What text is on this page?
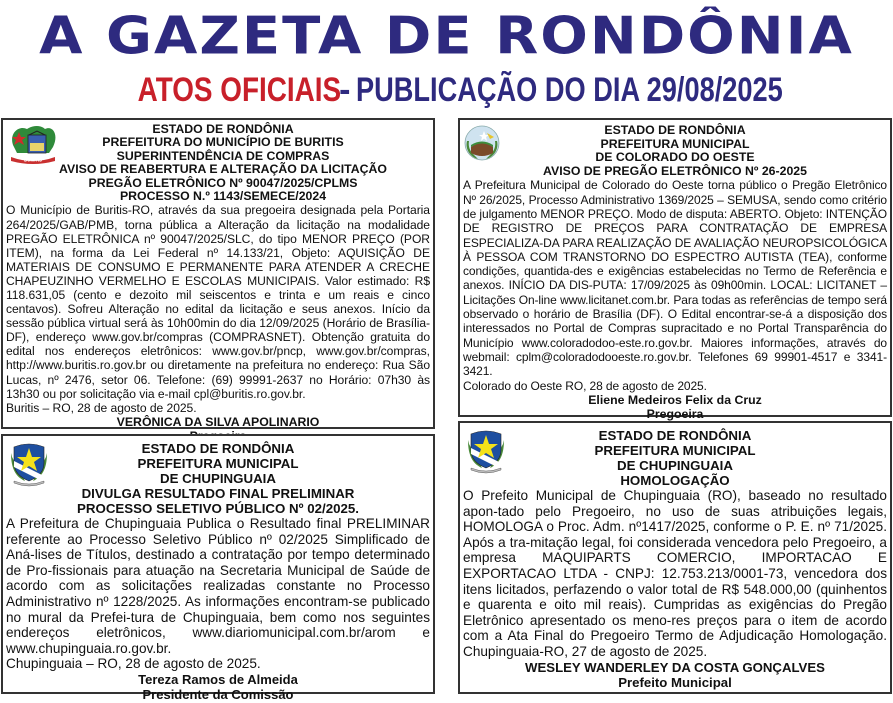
A GAZETA DE RONDÔNIA
ATOS OFICIAIS- PUBLICAÇÃO DO DIA 29/08/2025
BURITIS
ESTADO DE RONDÔNIA
PREFEITURA DO MUNICÍPIO DE BURITIS
SUPERINTENDÊNCIA DE COMPRAS
AVISO DE REABERTURA E ALTERAÇÃO DA LICITAÇÃO
PREGÃO ELETRÔNICO Nº 90047/2025/CPLMS
PROCESSO N.º 1143/SEMECE/2024
O Município de Buritis-RO, através da sua pregoeira designada pela Portaria 264/2025/GAB/PMB, torna pública a Alteração da licitação na modalidade PREGÃO ELETRÔNICA nº 90047/2025/SLC, do tipo MENOR PREÇO (POR ITEM), na forma da Lei Federal nº 14.133/21, Objeto: AQUISIÇÃO DE MATERIAIS DE CONSUMO E PERMANENTE PARA ATENDER A CRECHE CHAPEUZINHO VERMELHO E ESCOLAS MUNICIPAIS. Valor estimado: R$ 118.631,05 (cento e dezoito mil seiscentos e trinta e um reais e cinco centavos). Sofreu Alteração no edital da licitação e seus anexos. Início da sessão pública virtual será às 10h00min do dia 12/09/2025 (Horário de Brasília-DF), endereço www.gov.br/compras (COMPRASNET). Obtenção gratuita do edital nos endereços eletrônicos: www.gov.br/pncp, www.gov.br/compras, http://www.buritis.ro.gov.br ou diretamente na prefeitura no endereço: Rua São Lucas, nº 2476, setor 06. Telefone: (69) 99991-2637 no Horário: 07h30 às 13h30 ou por solicitação via e-mail cpl@buritis.ro.gov.br.
Buritis – RO, 28 de agosto de 2025.
VERÔNICA DA SILVA APOLINARIO
ESTADO DE RONDÔNIA
PREFEITURA MUNICIPAL
DE COLORADO DO OESTE
AVISO DE PREGÃO ELETRÔNICO Nº 26-2025
A Prefeitura Municipal de Colorado do Oeste torna público o Pregão Eletrônico Nº 26/2025, Processo Administrativo 1369/2025 – SEMUSA, sendo como critério de julgamento MENOR PREÇO. Modo de disputa: ABERTO. Objeto: INTENÇÃO DE REGISTRO DE PREÇOS PARA CONTRATAÇÃO DE EMPRESA ESPECIALIZA-DA PARA REALIZAÇÃO DE AVALIAÇÃO NEUROPSICOLÓGICA À PESSOA COM TRANSTORNO DO ESPECTRO AUTISTA (TEA), conforme condições, quantida-des e exigências estabelecidas no Termo de Referência e anexos. INÍCIO DA DIS-PUTA: 17/09/2025 às 09h00min. LOCAL: LICITANET – Licitações On-line www.licitanet.com.br. Para todas as referências de tempo será observado o horário de Brasília (DF). O Edital encontrar-se-á a disposição dos interessados no Portal de Compras supracitado e no Portal Transparência do Município www.coloradodoo-este.ro.gov.br. Maiores informações, através do webmail: cplm@coloradodooeste.ro.gov.br. Telefones 69 99901-4517 e 3341-3421.
Colorado do Oeste RO, 28 de agosto de 2025.
Eliene Medeiros Felix da Cruz
Pregoeira
ESTADO DE RONDÔNIA
PREFEITURA MUNICIPAL
DE CHUPINGUAIA
DIVULGA RESULTADO FINAL PRELIMINAR
PROCESSO SELETIVO PÚBLICO Nº 02/2025.
A Prefeitura de Chupinguaia Publica o Resultado final PRELIMINAR referente ao Processo Seletivo Público nº 02/2025 Simplificado de Aná-lises de Títulos, destinado a contratação por tempo determinado de Pro-fissionais para atuação na Secretaria Municipal de Saúde de acordo com as solicitações realizadas constante no Processo Administrativo nº 1228/2025. As informações encontram-se publicado no mural da Prefei-tura de Chupinguaia, bem como nos seguintes endereços eletrônicos, www.diariomunicipal.com.br/arom e www.chupinguaia.ro.gov.br.
Chupinguaia – RO, 28 de agosto de 2025.
Tereza Ramos de Almeida
Presidente da Comissão
ESTADO DE RONDÔNIA
PREFEITURA MUNICIPAL
DE CHUPINGUAIA
HOMOLOGAÇÃO
O Prefeito Municipal de Chupinguaia (RO), baseado no resultado apon-tado pelo Pregoeiro, no uso de suas atribuições legais, HOMOLOGA o Proc. Adm. nº1417/2025, conforme o P. E. nº 71/2025. Após a tra-mitação legal, foi considerada vencedora pelo Pregoeiro, a empresa MAQUIPARTS COMERCIO, IMPORTACAO E EXPORTACAO LTDA - CNPJ: 12.753.213/0001-73, vencedora dos itens licitados, perfazendo o valor total de R$ 548.000,00 (quinhentos e quarenta e oito mil reais). Cumpridas as exigências do Pregão Eletrônico apresentado os meno-res preços para o item de acordo com a Ata Final do Pregoeiro Termo de Adjudicação Homologação. Chupinguaia-RO, 27 de agosto de 2025.
WESLEY WANDERLEY DA COSTA GONÇALVES
Prefeito Municipal
